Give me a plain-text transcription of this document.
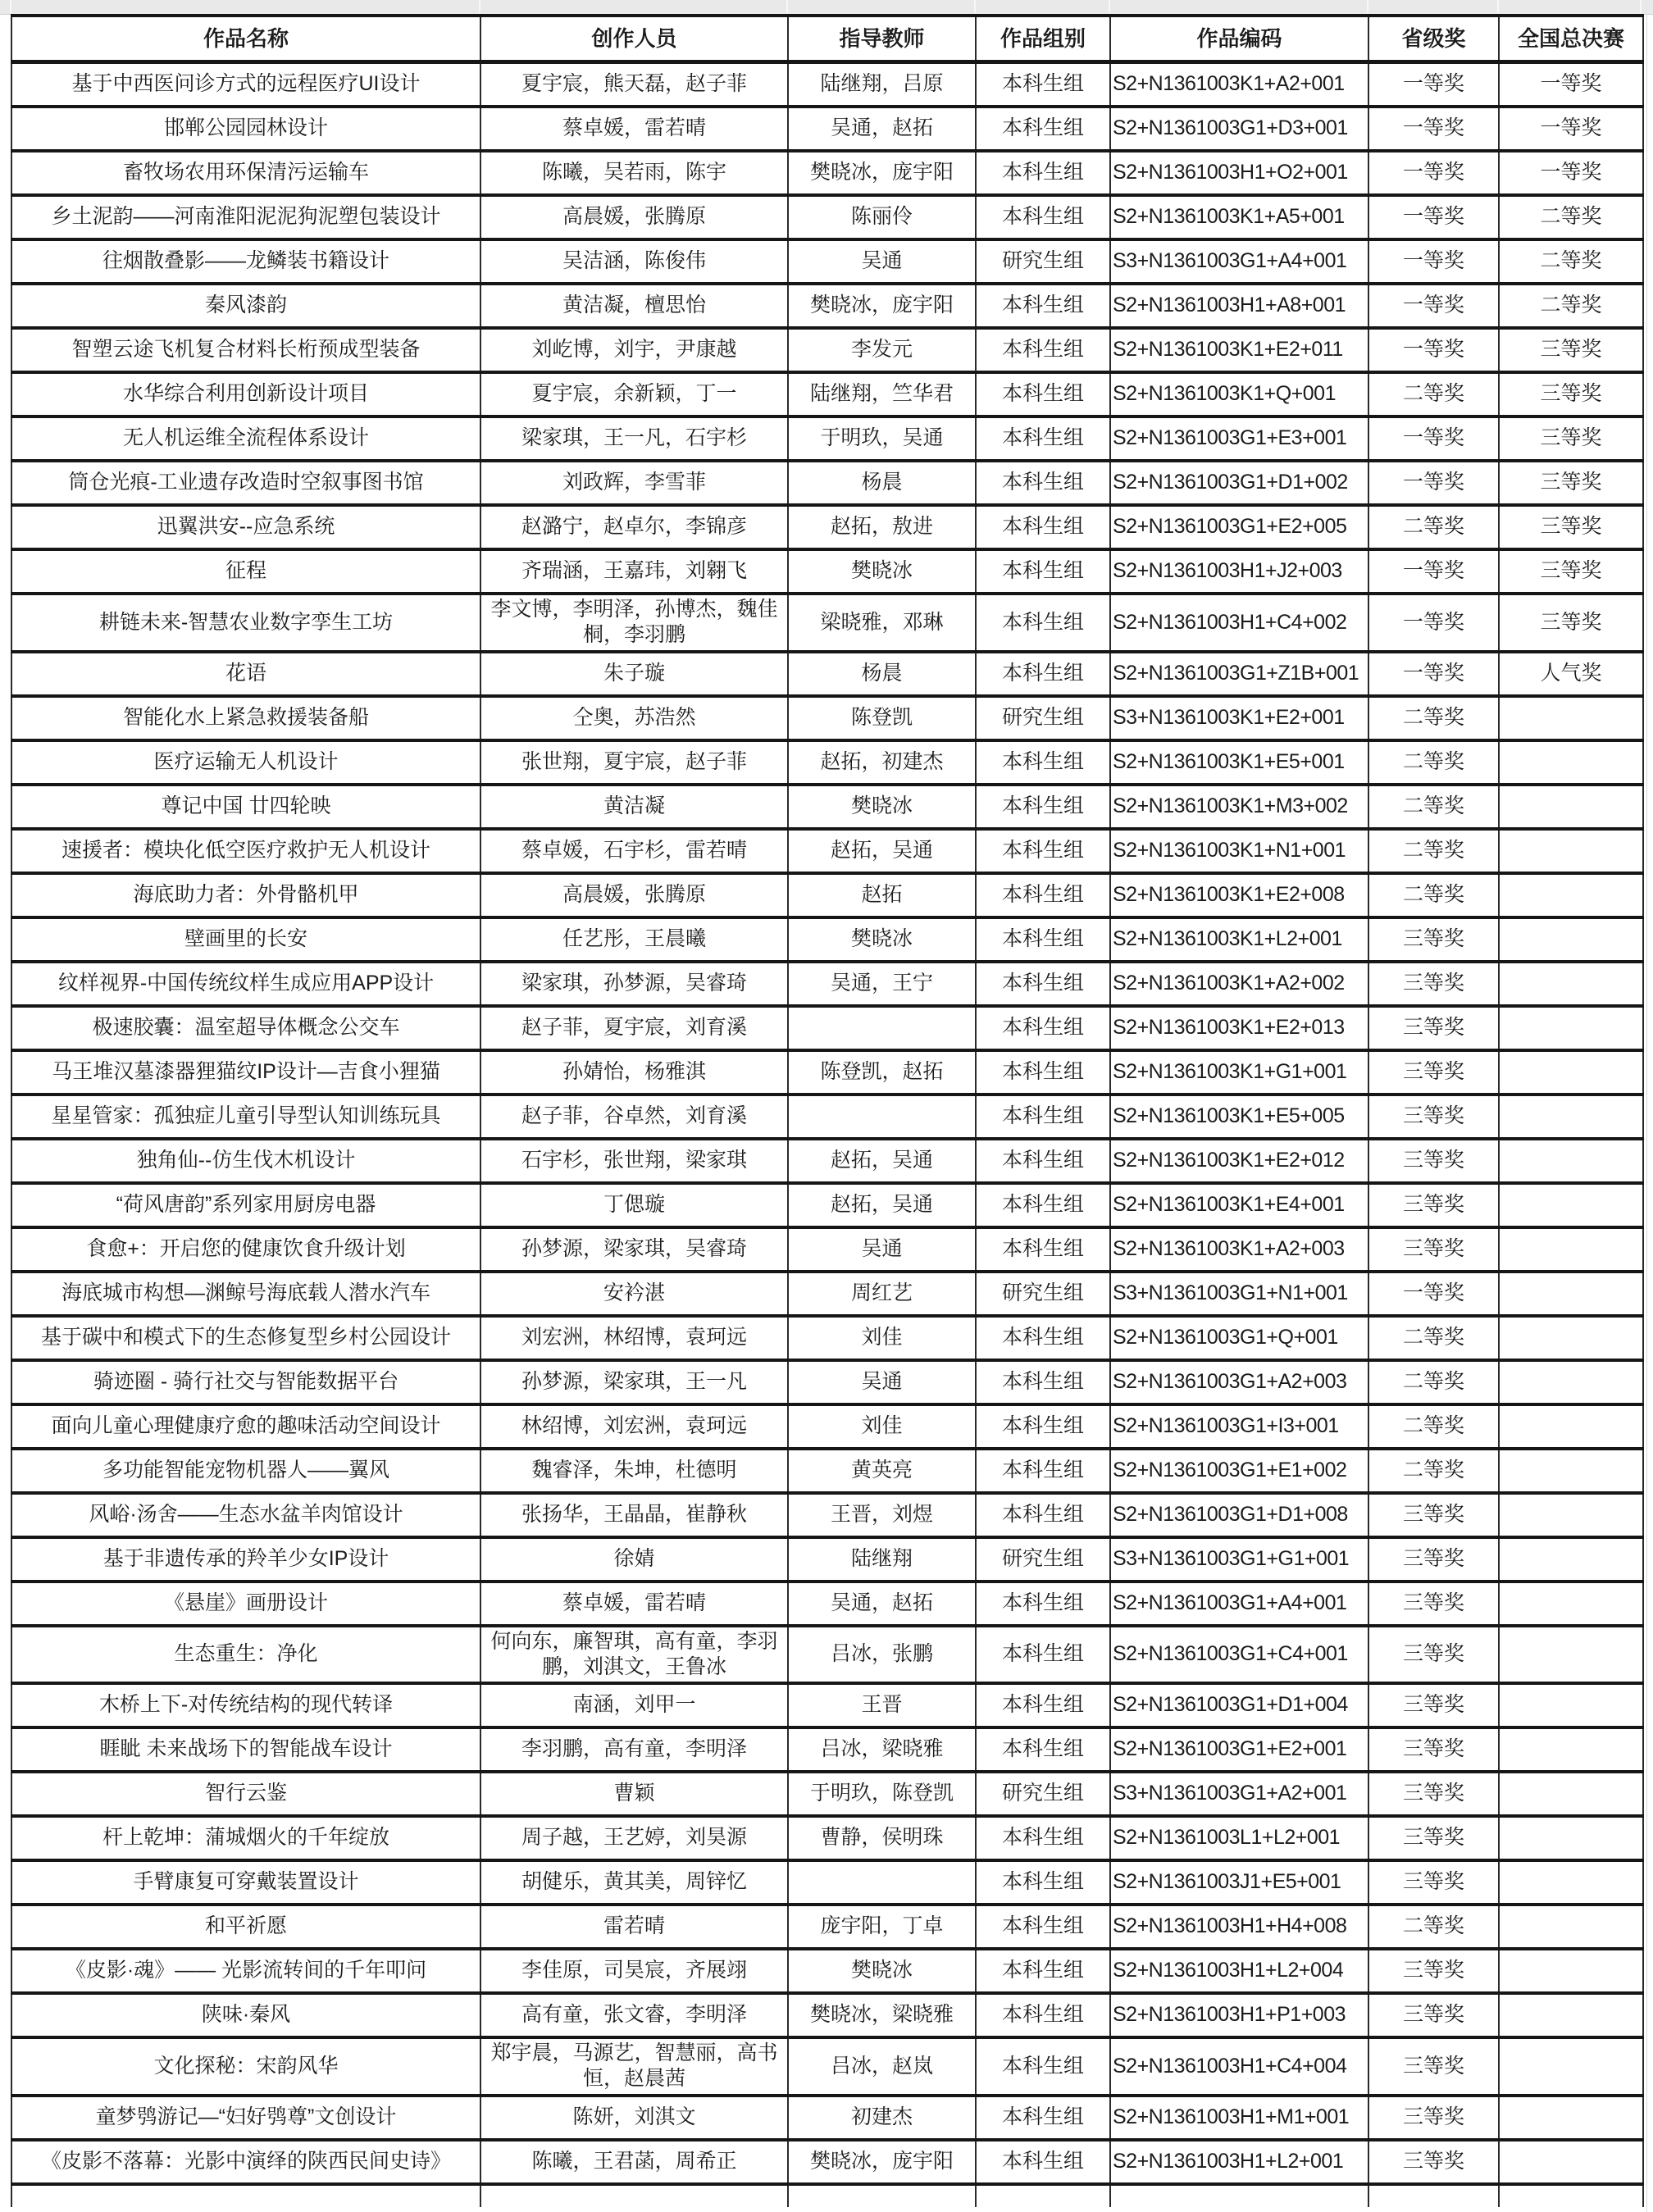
作品名称	创作人员	指导教师	作品组别	作品编码	省级奖	全国总决赛
基于中西医问诊方式的远程医疗UI设计	夏宇宸，熊天磊，赵子菲	陆继翔，吕原	本科生组	S2+N1361003K1+A2+001	一等奖	一等奖
邯郸公园园林设计	蔡卓媛，雷若晴	吴通，赵拓	本科生组	S2+N1361003G1+D3+001	一等奖	一等奖
畜牧场农用环保清污运输车	陈曦，吴若雨，陈宇	樊晓冰，庞宇阳	本科生组	S2+N1361003H1+O2+001	一等奖	一等奖
乡土泥韵——河南淮阳泥泥狗泥塑包装设计	高晨媛，张腾原	陈丽伶	本科生组	S2+N1361003K1+A5+001	一等奖	二等奖
往烟散叠影——龙鳞装书籍设计	吴洁涵，陈俊伟	吴通	研究生组	S3+N1361003G1+A4+001	一等奖	二等奖
秦风漆韵	黄洁凝，檀思怡	樊晓冰，庞宇阳	本科生组	S2+N1361003H1+A8+001	一等奖	二等奖
智塑云途飞机复合材料长桁预成型装备	刘屹博，刘宇，尹康越	李发元	本科生组	S2+N1361003K1+E2+011	一等奖	三等奖
水华综合利用创新设计项目	夏宇宸，余新颖，丁一	陆继翔，竺华君	本科生组	S2+N1361003K1+Q+001	二等奖	三等奖
无人机运维全流程体系设计	梁家琪，王一凡，石宇杉	于明玖，吴通	本科生组	S2+N1361003G1+E3+001	一等奖	三等奖
筒仓光痕-工业遗存改造时空叙事图书馆	刘政辉，李雪菲	杨晨	本科生组	S2+N1361003G1+D1+002	一等奖	三等奖
迅翼洪安--应急系统	赵潞宁，赵卓尔，李锦彦	赵拓，敖进	本科生组	S2+N1361003G1+E2+005	二等奖	三等奖
征程	齐瑞涵，王嘉玮，刘翱飞	樊晓冰	本科生组	S2+N1361003H1+J2+003	一等奖	三等奖
耕链未来-智慧农业数字孪生工坊	李文博，李明泽，孙博杰，魏佳桐，李羽鹏	梁晓雅，邓琳	本科生组	S2+N1361003H1+C4+002	一等奖	三等奖
花语	朱子璇	杨晨	本科生组	S2+N1361003G1+Z1B+001	一等奖	人气奖
智能化水上紧急救援装备船	仝奥，苏浩然	陈登凯	研究生组	S3+N1361003K1+E2+001	二等奖	
医疗运输无人机设计	张世翔，夏宇宸，赵子菲	赵拓，初建杰	本科生组	S2+N1361003K1+E5+001	二等奖	
尊记中国 廿四轮映	黄洁凝	樊晓冰	本科生组	S2+N1361003K1+M3+002	二等奖	
速援者：模块化低空医疗救护无人机设计	蔡卓媛，石宇杉，雷若晴	赵拓，吴通	本科生组	S2+N1361003K1+N1+001	二等奖	
海底助力者：外骨骼机甲	高晨媛，张腾原	赵拓	本科生组	S2+N1361003K1+E2+008	二等奖	
壁画里的长安	任艺彤，王晨曦	樊晓冰	本科生组	S2+N1361003K1+L2+001	三等奖	
纹样视界-中国传统纹样生成应用APP设计	梁家琪，孙梦源，吴睿琦	吴通，王宁	本科生组	S2+N1361003K1+A2+002	三等奖	
极速胶囊：温室超导体概念公交车	赵子菲，夏宇宸，刘育溪		本科生组	S2+N1361003K1+E2+013	三等奖	
马王堆汉墓漆器狸猫纹IP设计—吉食小狸猫	孙婧怡，杨雅淇	陈登凯，赵拓	本科生组	S2+N1361003K1+G1+001	三等奖	
星星管家：孤独症儿童引导型认知训练玩具	赵子菲，谷卓然，刘育溪		本科生组	S2+N1361003K1+E5+005	三等奖	
独角仙--仿生伐木机设计	石宇杉，张世翔，梁家琪	赵拓，吴通	本科生组	S2+N1361003K1+E2+012	三等奖	
“荷风唐韵”系列家用厨房电器	丁偲璇	赵拓，吴通	本科生组	S2+N1361003K1+E4+001	三等奖	
食愈+：开启您的健康饮食升级计划	孙梦源，梁家琪，吴睿琦	吴通	本科生组	S2+N1361003K1+A2+003	三等奖	
海底城市构想—渊鲸号海底载人潜水汽车	安衿湛	周红艺	研究生组	S3+N1361003G1+N1+001	一等奖	
基于碳中和模式下的生态修复型乡村公园设计	刘宏洲，林绍博，袁珂远	刘佳	本科生组	S2+N1361003G1+Q+001	二等奖	
骑迹圈 - 骑行社交与智能数据平台	孙梦源，梁家琪，王一凡	吴通	本科生组	S2+N1361003G1+A2+003	二等奖	
面向儿童心理健康疗愈的趣味活动空间设计	林绍博，刘宏洲，袁珂远	刘佳	本科生组	S2+N1361003G1+I3+001	二等奖	
多功能智能宠物机器人——翼风	魏睿泽，朱坤，杜德明	黄英亮	本科生组	S2+N1361003G1+E1+002	二等奖	
风峪·汤舍——生态水盆羊肉馆设计	张扬华，王晶晶，崔静秋	王晋，刘煜	本科生组	S2+N1361003G1+D1+008	三等奖	
基于非遗传承的羚羊少女IP设计	徐婧	陆继翔	研究生组	S3+N1361003G1+G1+001	三等奖	
《悬崖》画册设计	蔡卓媛，雷若晴	吴通，赵拓	本科生组	S2+N1361003G1+A4+001	三等奖	
生态重生：净化	何向东，廉智琪，高有童，李羽鹏，刘淇文，王鲁冰	吕冰，张鹏	本科生组	S2+N1361003G1+C4+001	三等奖	
木桥上下-对传统结构的现代转译	南涵，刘甲一	王晋	本科生组	S2+N1361003G1+D1+004	三等奖	
睚眦 未来战场下的智能战车设计	李羽鹏，高有童，李明泽	吕冰，梁晓雅	本科生组	S2+N1361003G1+E2+001	三等奖	
智行云鉴	曹颖	于明玖，陈登凯	研究生组	S3+N1361003G1+A2+001	三等奖	
杆上乾坤：蒲城烟火的千年绽放	周子越，王艺婷，刘昊源	曹静，侯明珠	本科生组	S2+N1361003L1+L2+001	三等奖	
手臂康复可穿戴装置设计	胡健乐，黄其美，周锌忆		本科生组	S2+N1361003J1+E5+001	三等奖	
和平祈愿	雷若晴	庞宇阳，丁卓	本科生组	S2+N1361003H1+H4+008	二等奖	
《皮影·魂》—— 光影流转间的千年叩问	李佳原，司昊宸，齐展翊	樊晓冰	本科生组	S2+N1361003H1+L2+004	三等奖	
陕味·秦风	高有童，张文睿，李明泽	樊晓冰，梁晓雅	本科生组	S2+N1361003H1+P1+003	三等奖	
文化探秘：宋韵风华	郑宇晨，马源艺，智慧丽，高书恒，赵晨茜	吕冰，赵岚	本科生组	S2+N1361003H1+C4+004	三等奖	
童梦鸮游记—“妇好鸮尊”文创设计	陈妍，刘淇文	初建杰	本科生组	S2+N1361003H1+M1+001	三等奖	
《皮影不落幕：光影中演绎的陕西民间史诗》	陈曦，王君菡，周希正	樊晓冰，庞宇阳	本科生组	S2+N1361003H1+L2+001	三等奖	
